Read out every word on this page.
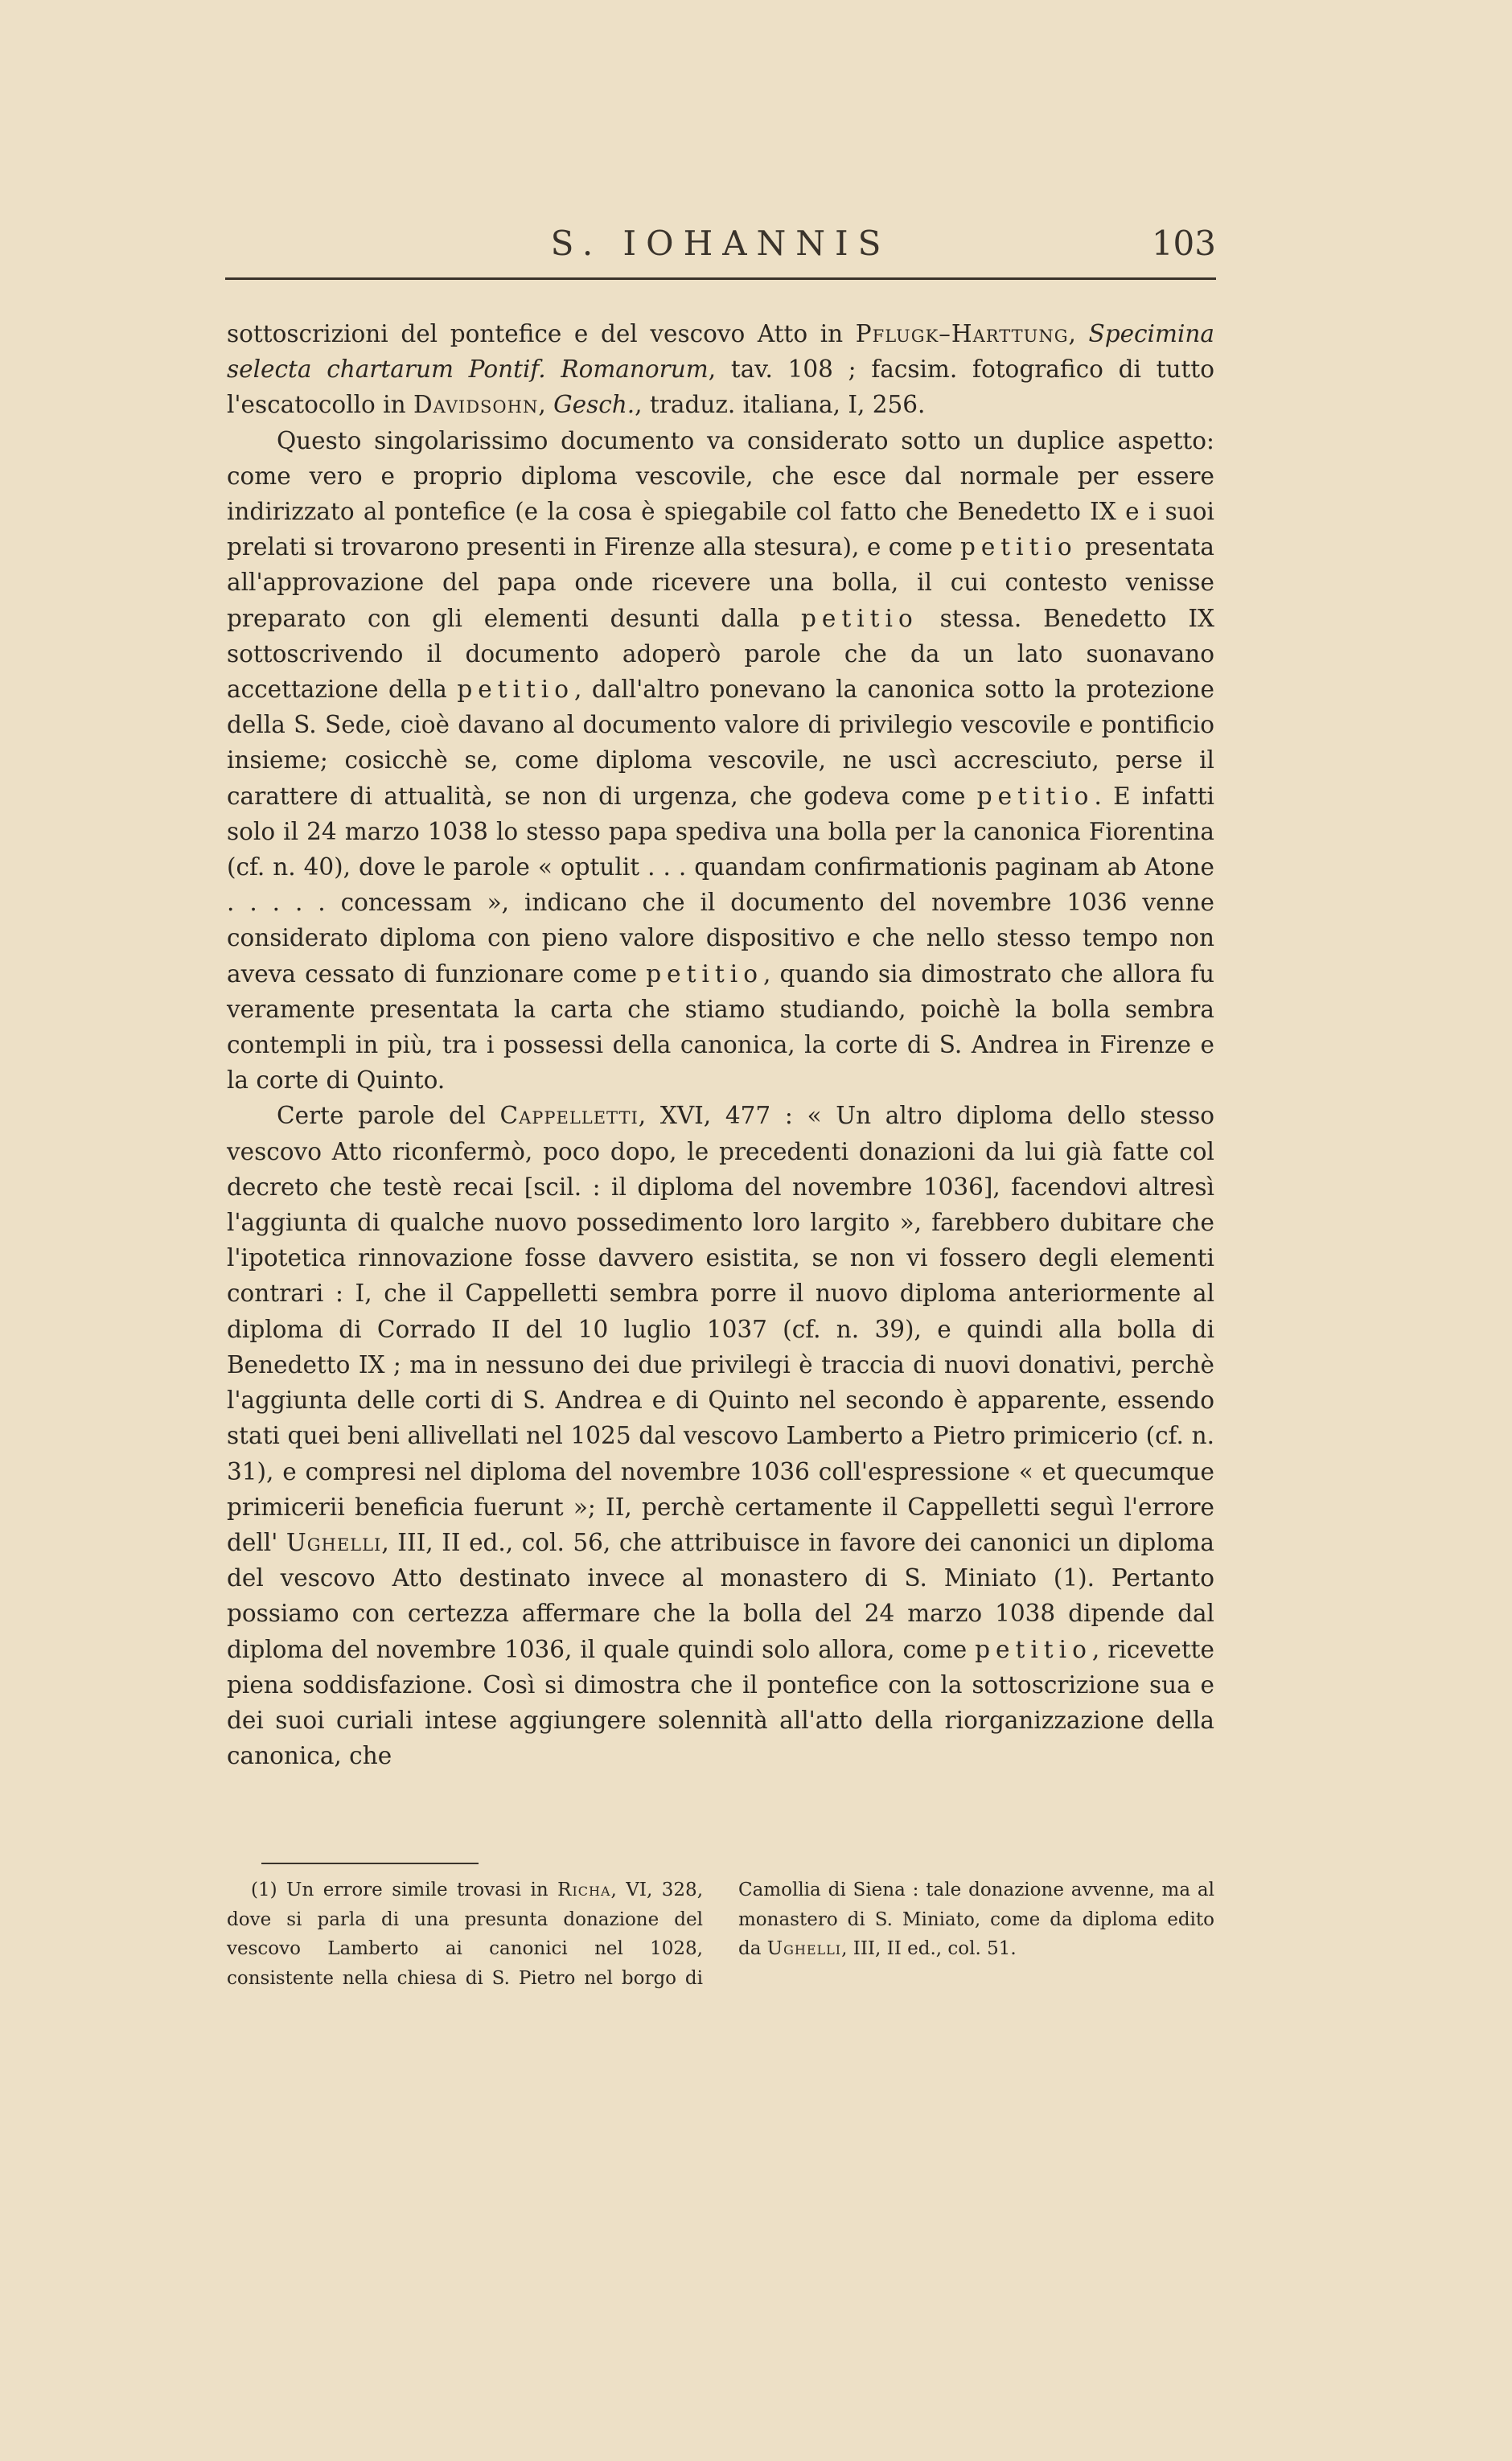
S. IOHANNIS	103

sottoscrizioni del pontefice e del vescovo Atto in Pflugk–Harttung, Specimina selecta chartarum Pontif. Romanorum, tav. 108 ; facsim. fotografico di tutto l'escatocollo in Davidsohn, Gesch., traduz. italiana, I, 256.

Questo singolarissimo documento va considerato sotto un duplice aspetto: come vero e proprio diploma vescovile, che esce dal normale per essere indirizzato al pontefice (e la cosa è spiegabile col fatto che Benedetto IX e i suoi prelati si trovarono presenti in Firenze alla stesura), e come petitio presentata all'approvazione del papa onde ricevere una bolla, il cui contesto venisse preparato con gli elementi desunti dalla petitio stessa. Benedetto IX sottoscrivendo il documento adoperò parole che da un lato suonavano accettazione della petitio, dall'altro ponevano la canonica sotto la protezione della S. Sede, cioè davano al documento valore di privilegio vescovile e pontificio insieme; cosicchè se, come diploma vescovile, ne uscì accresciuto, perse il carattere di attualità, se non di urgenza, che godeva come petitio. E infatti solo il 24 marzo 1038 lo stesso papa spediva una bolla per la canonica Fiorentina (cf. n. 40), dove le parole « optulit . . . quandam confirmationis paginam ab Atone . . . . . concessam », indicano che il documento del novembre 1036 venne considerato diploma con pieno valore dispositivo e che nello stesso tempo non aveva cessato di funzionare come petitio, quando sia dimostrato che allora fu veramente presentata la carta che stiamo studiando, poichè la bolla sembra contempli in più, tra i possessi della canonica, la corte di S. Andrea in Firenze e la corte di Quinto.

Certe parole del Cappelletti, XVI, 477 : « Un altro diploma dello stesso vescovo Atto riconfermò, poco dopo, le precedenti donazioni da lui già fatte col decreto che testè recai [scil. : il diploma del novembre 1036], facendovi altresì l'aggiunta di qualche nuovo possedimento loro largito », farebbero dubitare che l'ipotetica rinnovazione fosse davvero esistita, se non vi fossero degli elementi contrari : I, che il Cappelletti sembra porre il nuovo diploma anteriormente al diploma di Corrado II del 10 luglio 1037 (cf. n. 39), e quindi alla bolla di Benedetto IX ; ma in nessuno dei due privilegi è traccia di nuovi donativi, perchè l'aggiunta delle corti di S. Andrea e di Quinto nel secondo è apparente, essendo stati quei beni allivellati nel 1025 dal vescovo Lamberto a Pietro primicerio (cf. n. 31), e compresi nel diploma del novembre 1036 coll'espressione « et quecumque primicerii beneficia fuerunt »; II, perchè certamente il Cappelletti seguì l'errore dell' Ughelli, III, II ed., col. 56, che attribuisce in favore dei canonici un diploma del vescovo Atto destinato invece al monastero di S. Miniato (1). Pertanto possiamo con certezza affermare che la bolla del 24 marzo 1038 dipende dal diploma del novembre 1036, il quale quindi solo allora, come petitio, ricevette piena soddisfazione. Così si dimostra che il pontefice con la sottoscrizione sua e dei suoi curiali intese aggiungere solennità all'atto della riorganizzazione della canonica, che

(1) Un errore simile trovasi in Richa, VI, 328, dove si parla di una presunta donazione del vescovo Lamberto ai canonici nel 1028, consistente nella chiesa di S. Pietro nel borgo di Camollia di Siena : tale donazione avvenne, ma al monastero di S. Miniato, come da diploma edito da Ughelli, III, II ed., col. 51.
